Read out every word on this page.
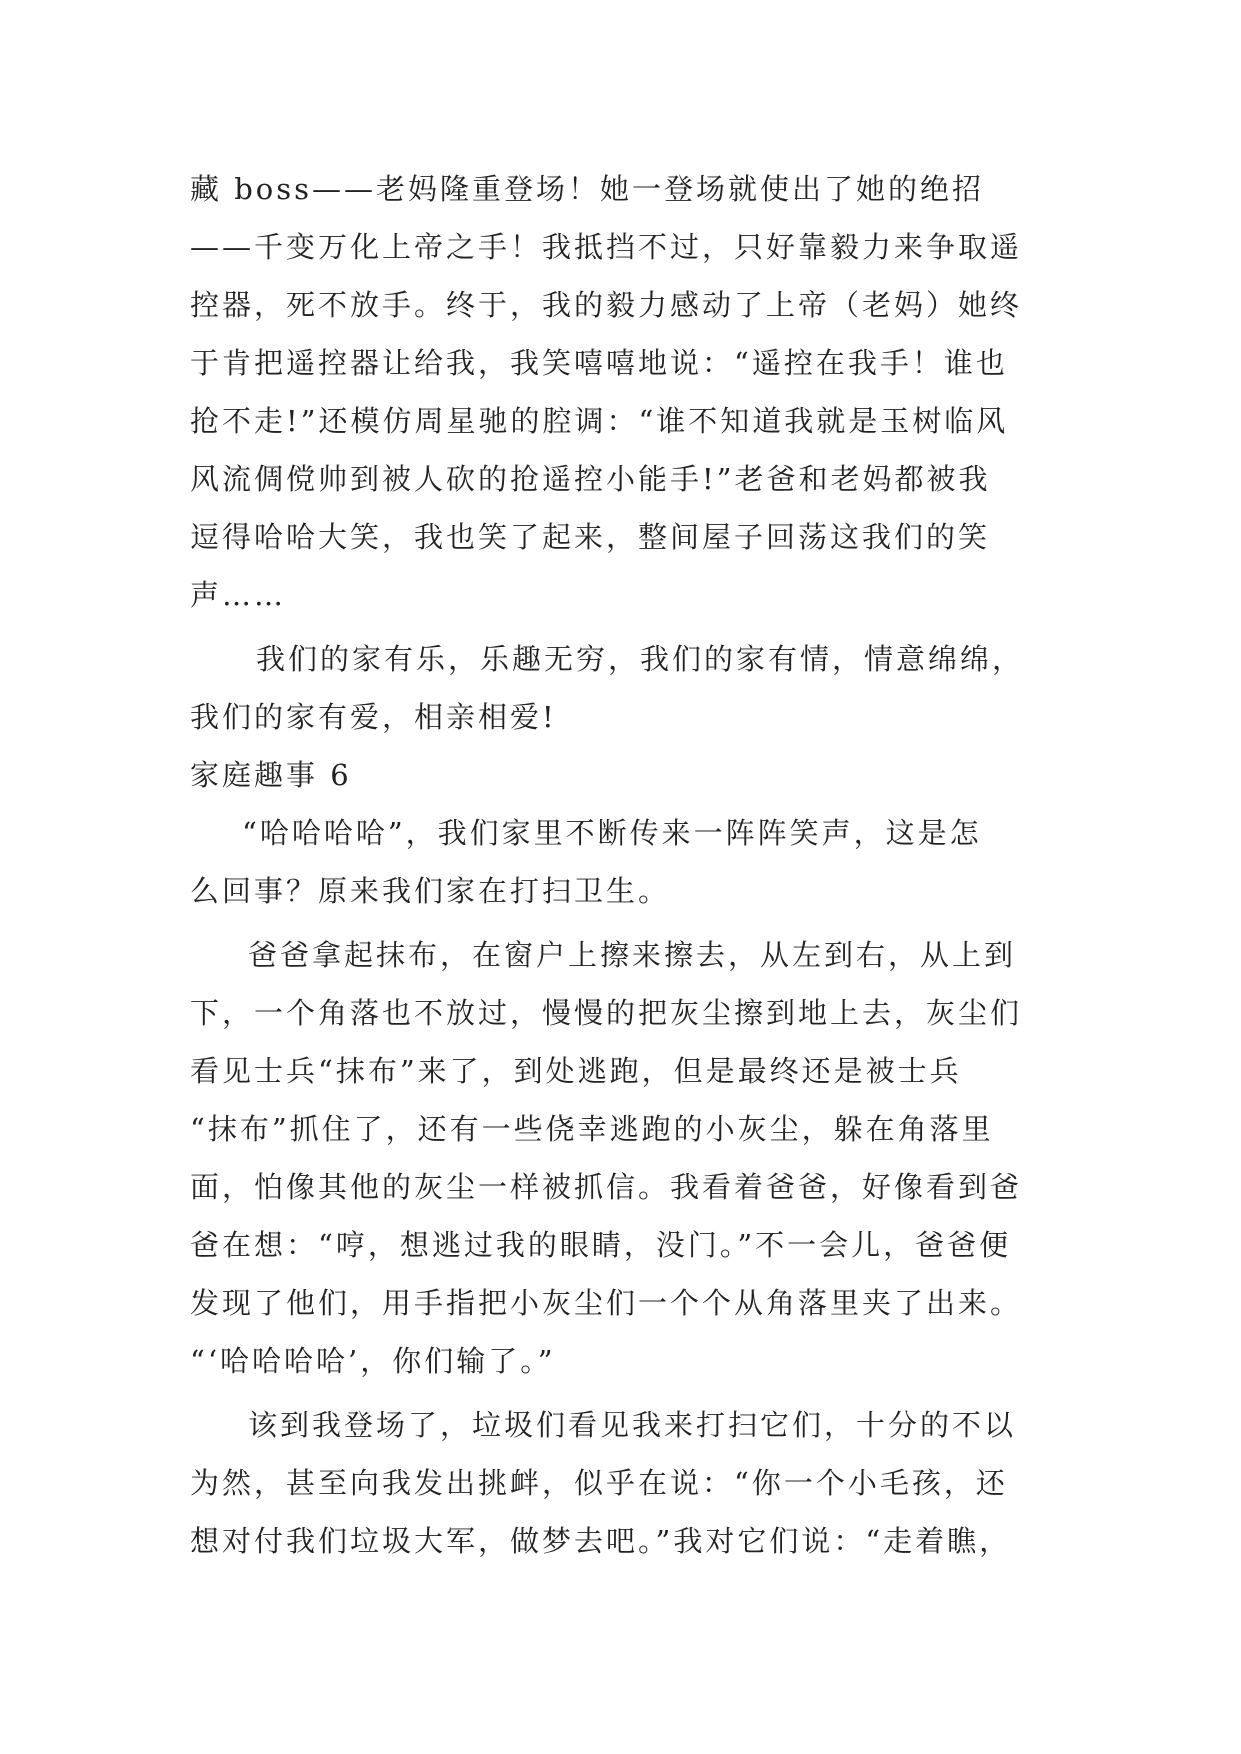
藏 boss——老妈隆重登场！她一登场就使出了她的绝招
——千变万化上帝之手！我抵挡不过，只好靠毅力来争取遥
控器，死不放手。终于，我的毅力感动了上帝（老妈）她终
于肯把遥控器让给我，我笑嘻嘻地说：“遥控在我手！谁也
抢不走!”还模仿周星驰的腔调：“谁不知道我就是玉树临风
风流倜傥帅到被人砍的抢遥控小能手!”老爸和老妈都被我
逗得哈哈大笑，我也笑了起来，整间屋子回荡这我们的笑
声……
我们的家有乐，乐趣无穷，我们的家有情，情意绵绵，
我们的家有爱，相亲相爱!
家庭趣事 6
“哈哈哈哈”，我们家里不断传来一阵阵笑声，这是怎
么回事？原来我们家在打扫卫生。
爸爸拿起抹布，在窗户上擦来擦去，从左到右，从上到
下，一个角落也不放过，慢慢的把灰尘擦到地上去，灰尘们
看见士兵“抹布”来了，到处逃跑，但是最终还是被士兵
“抹布”抓住了，还有一些侥幸逃跑的小灰尘，躲在角落里
面，怕像其他的灰尘一样被抓信。我看着爸爸，好像看到爸
爸在想：“哼，想逃过我的眼睛，没门。”不一会儿，爸爸便
发现了他们，用手指把小灰尘们一个个从角落里夹了出来。
“‘哈哈哈哈’，你们输了。”
该到我登场了，垃圾们看见我来打扫它们，十分的不以
为然，甚至向我发出挑衅，似乎在说：“你一个小毛孩，还
想对付我们垃圾大军，做梦去吧。”我对它们说：“走着瞧，
